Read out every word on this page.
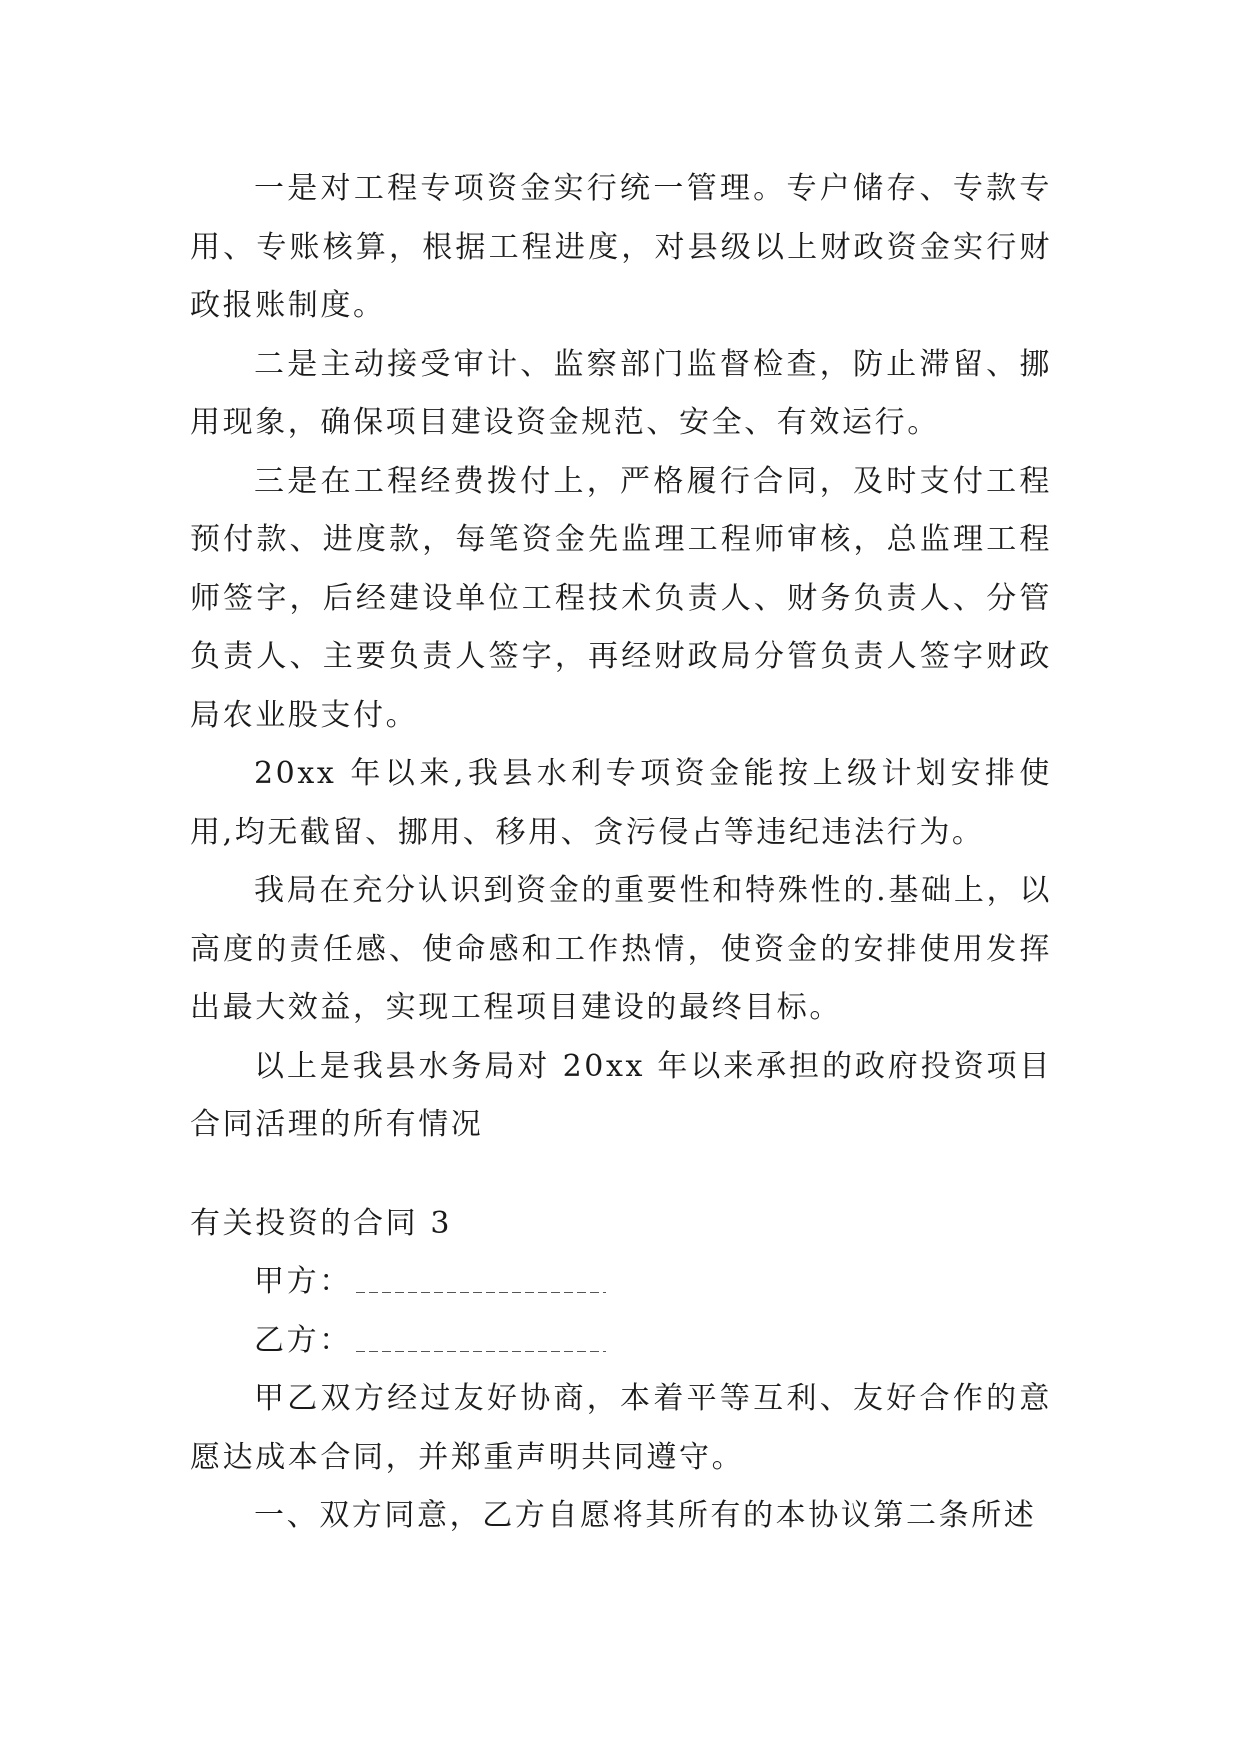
一是对工程专项资金实行统一管理。专户储存、专款专用、专账核算，根据工程进度，对县级以上财政资金实行财政报账制度。

二是主动接受审计、监察部门监督检查，防止滞留、挪用现象，确保项目建设资金规范、安全、有效运行。

三是在工程经费拨付上，严格履行合同，及时支付工程预付款、进度款，每笔资金先监理工程师审核，总监理工程师签字，后经建设单位工程技术负责人、财务负责人、分管负责人、主要负责人签字，再经财政局分管负责人签字财政局农业股支付。

20xx 年以来,我县水利专项资金能按上级计划安排使用,均无截留、挪用、移用、贪污侵占等违纪违法行为。

我局在充分认识到资金的重要性和特殊性的.基础上，以高度的责任感、使命感和工作热情，使资金的安排使用发挥出最大效益，实现工程项目建设的最终目标。

以上是我县水务局对 20xx 年以来承担的政府投资项目合同活理的所有情况

有关投资的合同 3

甲方：

乙方：

甲乙双方经过友好协商，本着平等互利、友好合作的意愿达成本合同，并郑重声明共同遵守。

一、双方同意，乙方自愿将其所有的本协议第二条所述
